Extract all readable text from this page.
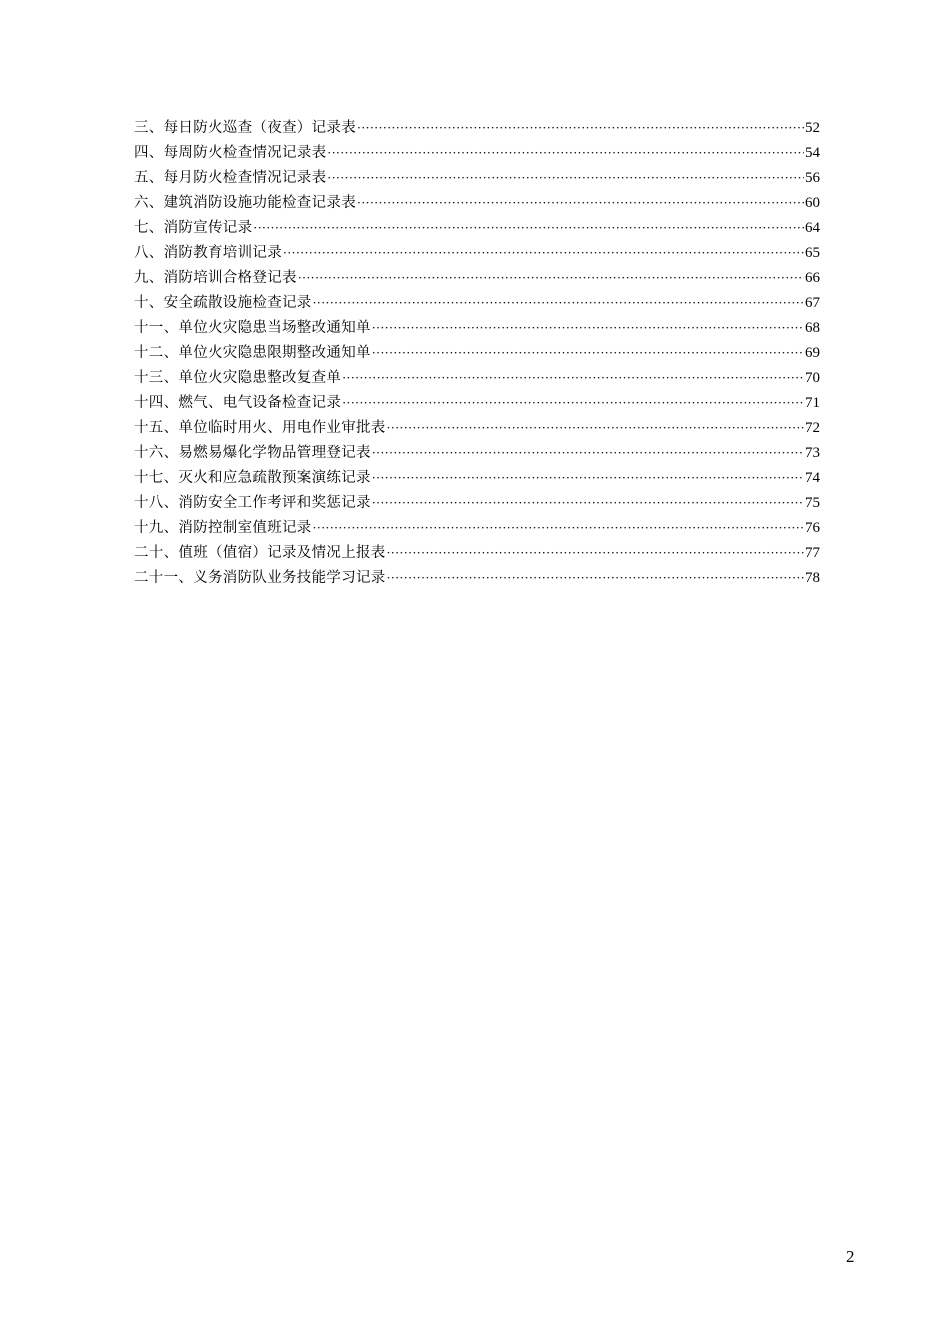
三、每日防火巡查（夜查）记录表 ·····	52
四、每周防火检查情况记录表 ·····	54
五、每月防火检查情况记录表 ·····	56
六、建筑消防设施功能检查记录表 ·····	60
七、消防宣传记录 ·····	64
八、消防教育培训记录 ·····	65
九、消防培训合格登记表 ·····	66
十、安全疏散设施检查记录 ·····	67
十一、单位火灾隐患当场整改通知单 ·····	68
十二、单位火灾隐患限期整改通知单 ·····	69
十三、单位火灾隐患整改复查单 ·····	70
十四、燃气、电气设备检查记录 ·····	71
十五、单位临时用火、用电作业审批表 ·····	72
十六、易燃易爆化学物品管理登记表 ·····	73
十七、灭火和应急疏散预案演练记录 ·····	74
十八、消防安全工作考评和奖惩记录 ·····	75
十九、消防控制室值班记录 ·····	76
二十、值班（值宿）记录及情况上报表 ·····	77
二十一、义务消防队业务技能学习记录 ·····	78
2
